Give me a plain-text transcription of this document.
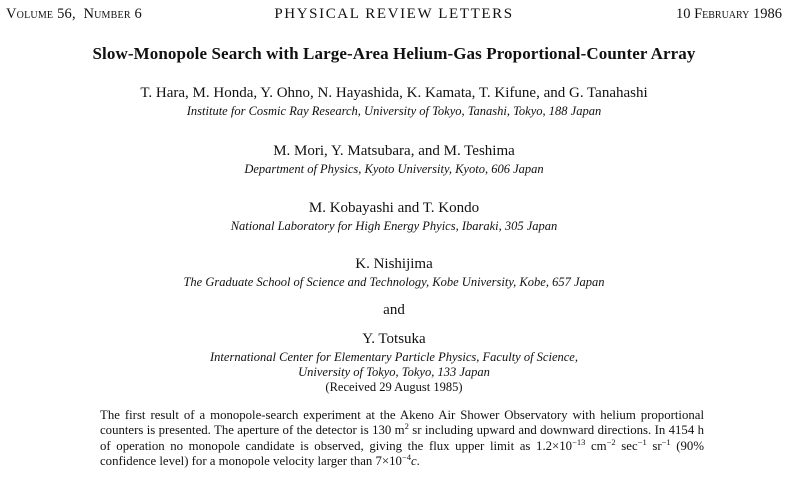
Volume 56, Number 6	PHYSICAL REVIEW LETTERS	10 February 1986
Slow-Monopole Search with Large-Area Helium-Gas Proportional-Counter Array
T. Hara, M. Honda, Y. Ohno, N. Hayashida, K. Kamata, T. Kifune, and G. Tanahashi
Institute for Cosmic Ray Research, University of Tokyo, Tanashi, Tokyo, 188 Japan
M. Mori, Y. Matsubara, and M. Teshima
Department of Physics, Kyoto University, Kyoto, 606 Japan
M. Kobayashi and T. Kondo
National Laboratory for High Energy Phyics, Ibaraki, 305 Japan
K. Nishijima
The Graduate School of Science and Technology, Kobe University, Kobe, 657 Japan
and
Y. Totsuka
International Center for Elementary Particle Physics, Faculty of Science,
University of Tokyo, Tokyo, 133 Japan
(Received 29 August 1985)
The first result of a monopole-search experiment at the Akeno Air Shower Observatory with helium proportional counters is presented. The aperture of the detector is 130 $m^2$ sr including upward and downward directions. In 4154 h of operation no monopole candidate is observed, giving the flux upper limit as $1.2\times 10^{-13}$ $cm^{-2}$ $\sec^{-1} sr^{-1}$ (90% confidence level) for a monopole velocity larger than $7\times 10^{-4}c$.
